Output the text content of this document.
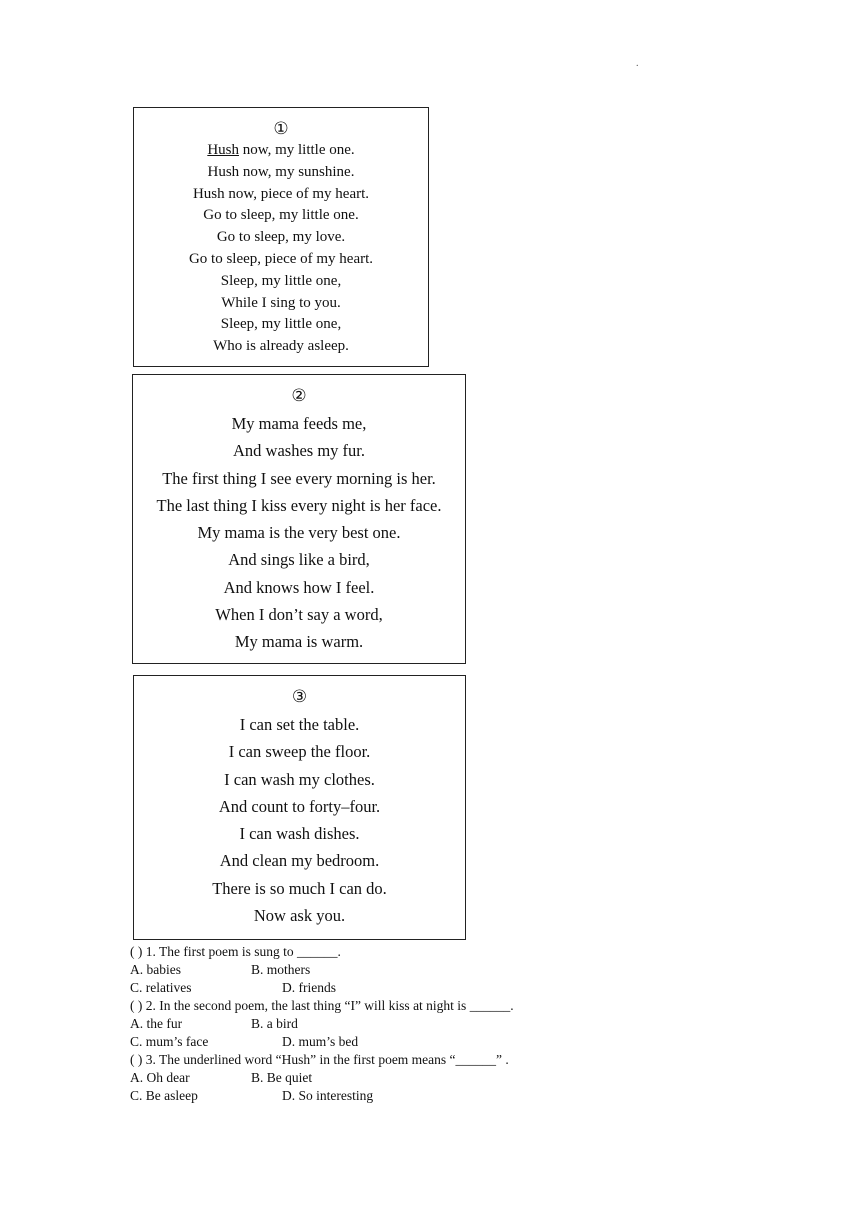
.
①
Hush now, my little one.
Hush now, my sunshine.
Hush now, piece of my heart.
Go to sleep, my little one.
Go to sleep, my love.
Go to sleep, piece of my heart.
Sleep, my little one,
While I sing to you.
Sleep, my little one,
Who is already asleep.
②
My mama feeds me,
And washes my fur.
The first thing I see every morning is her.
The last thing I kiss every night is her face.
My mama is the very best one.
And sings like a bird,
And knows how I feel.
When I don’t say a word,
My mama is warm.
③
I can set the table.
I can sweep the floor.
I can wash my clothes.
And count to forty–four.
I can wash dishes.
And clean my bedroom.
There is so much I can do.
Now ask you.
( ) 1. The first poem is sung to ______.
A. babies	B. mothers
C. relatives	D. friends
( ) 2. In the second poem, the last thing “I” will kiss at night is ______.
A. the fur	B. a bird
C. mum’s face	D. mum’s bed
( ) 3. The underlined word “Hush” in the first poem means “______” .
A. Oh dear	B. Be quiet
C. Be asleep	D. So interesting
